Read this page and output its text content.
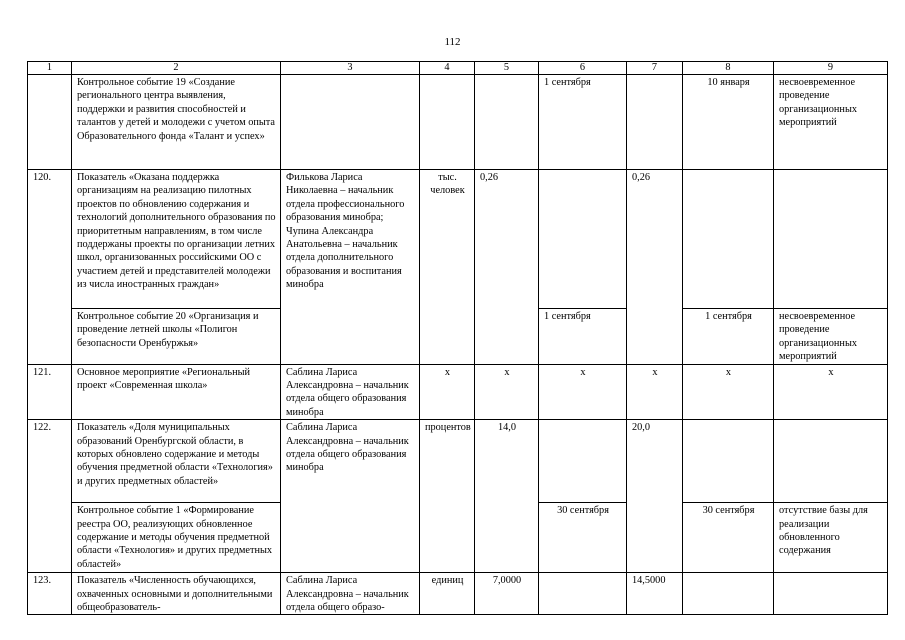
112
1	2	3	4	5	6	7	8	9
	Контрольное событие 19 «Создание регионального центра выявления, поддержки и развития способностей и талантов у детей и молодежи с учетом опыта Образовательного фонда «Талант и успех»				1 сентября		10 января	несвоевременное проведение организационных мероприятий
120.	Показатель «Оказана поддержка организациям на реализацию пилотных проектов по обновлению содержания и технологий дополнительного образования по приоритетным направлениям, в том числе поддержаны проекты по организации летних школ, организованных российскими ОО с участием детей и представителей молодежи из числа иностранных граждан»	Филькова Лариса Николаевна – начальник отдела профессионального образования минобра; Чупина Александра Анатольевна – начальник отдела дополнительного образования и воспитания минобра	тыс. человек	0,26		0,26		
	Контрольное событие 20 «Организация и проведение летней школы «Полигон безопасности Оренбуржья»				1 сентября		1 сентября	несвоевременное проведение организационных мероприятий
121.	Основное мероприятие «Региональный проект «Современная школа»	Саблина Лариса Александровна – начальник отдела общего образования минобра	х	х	х	х	х	х
122.	Показатель «Доля муниципальных образований Оренбургской области, в которых обновлено содержание и методы обучения предметной области «Технология» и других предметных областей»	Саблина Лариса Александровна – начальник отдела общего образования минобра	процентов	14,0		20,0		
	Контрольное событие 1 «Формирование реестра ОО, реализующих обновленное содержание и методы обучения предметной области «Технология» и других предметных областей»				30 сентября		30 сентября	отсутствие базы для реализации обновленного содержания
123.	Показатель «Численность обучающихся, охваченных основными и дополнительными общеобразователь-	Саблина Лариса Александровна – начальник отдела общего образо-	единиц	7,0000		14,5000		
